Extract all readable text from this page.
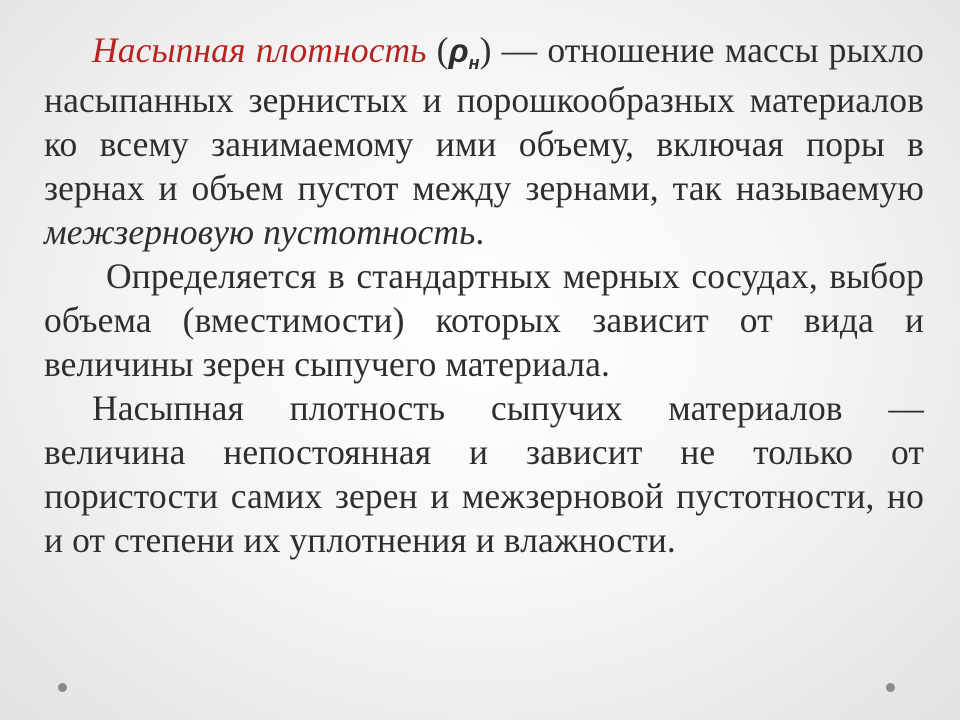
Насыпная плотность (ρн) — отношение массы рыхло насыпанных зернистых и порошкообразных материалов ко всему занимаемому ими объему, включая поры в зернах и объем пустот между зернами, так называемую межзерновую пустотность.

Определяется в стандартных мерных сосудах, выбор объема (вместимости) которых зависит от вида и величины зерен сыпучего материала.

Насыпная плотность сыпучих материалов — величина непостоянная и зависит не только от пористости самих зерен и межзерновой пустотности, но и от степени их уплотнения и влажности.
